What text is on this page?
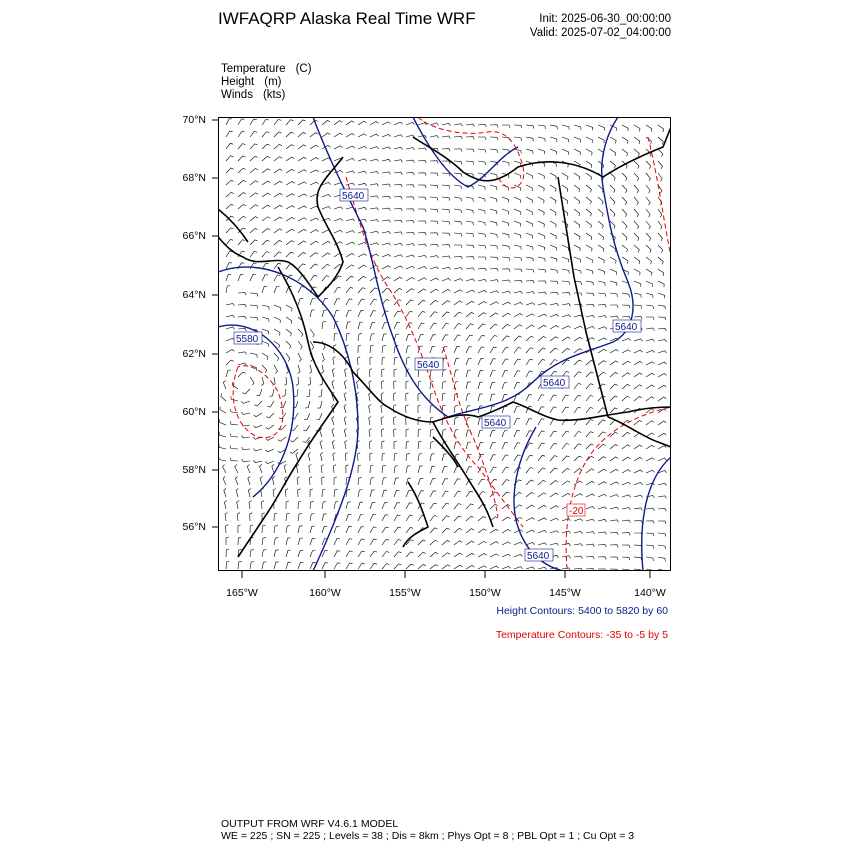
IWFAQRP Alaska Real Time WRF	Init: 2025-06-30_00:00:00
Valid: 2025-07-02_04:00:00
Temperature (C)
Height (m)
Winds (kts)
5640
5580
5640
5640
5640
5640
5640
-20
70°N
68°N
66°N
64°N
62°N
60°N
58°N
56°N
165°W	160°W	155°W	150°W	145°W	140°W
Height Contours: 5400 to 5820 by 60
Temperature Contours: -35 to -5 by 5
OUTPUT FROM WRF V4.6.1 MODEL
WE = 225 ; SN = 225 ; Levels = 38 ; Dis = 8km ; Phys Opt = 8 ; PBL Opt = 1 ; Cu Opt = 3
